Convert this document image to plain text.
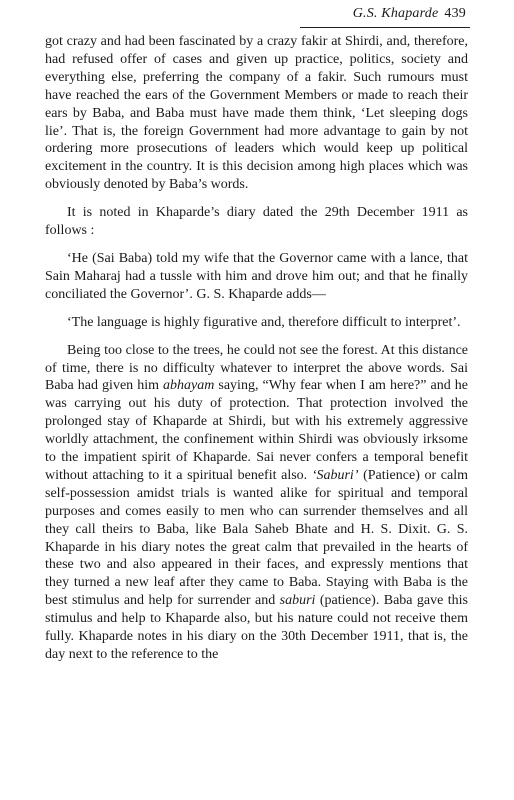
G.S. Khaparde 439

got crazy and had been fascinated by a crazy fakir at Shirdi, and, therefore, had refused offer of cases and given up practice, politics, society and everything else, preferring the company of a fakir. Such rumours must have reached the ears of the Government Members or made to reach their ears by Baba, and Baba must have made them think, ‘Let sleeping dogs lie’. That is, the foreign Government had more advantage to gain by not ordering more prosecutions of leaders which would keep up political excitement in the country. It is this decision among high places which was obviously denoted by Baba’s words.

It is noted in Khaparde’s diary dated the 29th December 1911 as follows :

‘He (Sai Baba) told my wife that the Governor came with a lance, that Sain Maharaj had a tussle with him and drove him out; and that he finally conciliated the Governor’. G. S. Khaparde adds—

‘The language is highly figurative and, therefore difficult to interpret’.

Being too close to the trees, he could not see the forest. At this distance of time, there is no difficulty whatever to interpret the above words. Sai Baba had given him abhayam saying, “Why fear when I am here?” and he was carrying out his duty of protection. That protection involved the prolonged stay of Khaparde at Shirdi, but with his extremely aggressive worldly attachment, the confinement within Shirdi was obviously irksome to the impatient spirit of Khaparde. Sai never confers a temporal benefit without attaching to it a spiritual benefit also. ‘Saburi’ (Patience) or calm self-possession amidst trials is wanted alike for spiritual and temporal purposes and comes easily to men who can surrender themselves and all they call theirs to Baba, like Bala Saheb Bhate and H. S. Dixit. G. S. Khaparde in his diary notes the great calm that prevailed in the hearts of these two and also appeared in their faces, and expressly mentions that they turned a new leaf after they came to Baba. Staying with Baba is the best stimulus and help for surrender and saburi (patience). Baba gave this stimulus and help to Khaparde also, but his nature could not receive them fully. Khaparde notes in his diary on the 30th December 1911, that is, the day next to the reference to the
